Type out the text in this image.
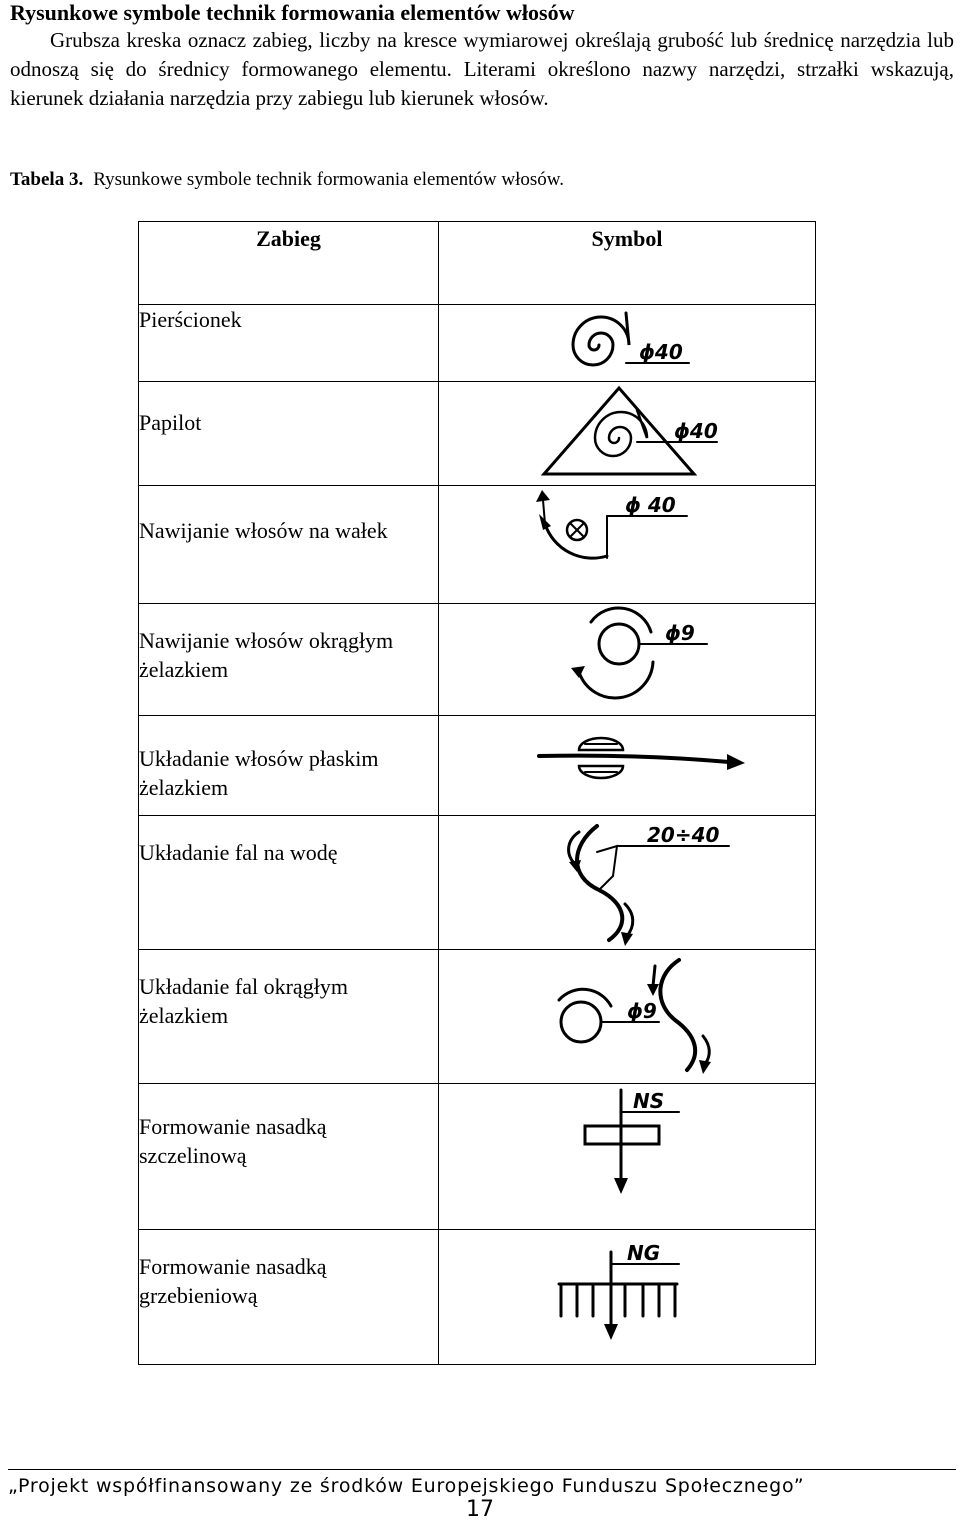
Rysunkowe symbole technik formowania elementów włosów
Grubsza kreska oznacz zabieg, liczby na kresce wymiarowej określają grubość lub średnicę narzędzia lub odnoszą się do średnicy formowanego elementu. Literami określono nazwy narzędzi, strzałki wskazują, kierunek działania narzędzia przy zabiegu lub kierunek włosów.
Tabela 3. Rysunkowe symbole technik formowania elementów włosów.
Zabieg	Symbol
Pierścionek	ϕ40

Papilot	ϕ40

Nawijanie włosów na wałek	ϕ 40

Nawijanie włosów okrągłym żelazkiem	ϕ9

Układanie włosów płaskim żelazkiem	

Układanie fal na wodę	20÷40

Układanie fal okrągłym żelazkiem	ϕ9

Formowanie nasadką szczelinową	NS

Formowanie nasadką grzebieniową	NG
„Projekt współfinansowany ze środków Europejskiego Funduszu Społecznego”
17
